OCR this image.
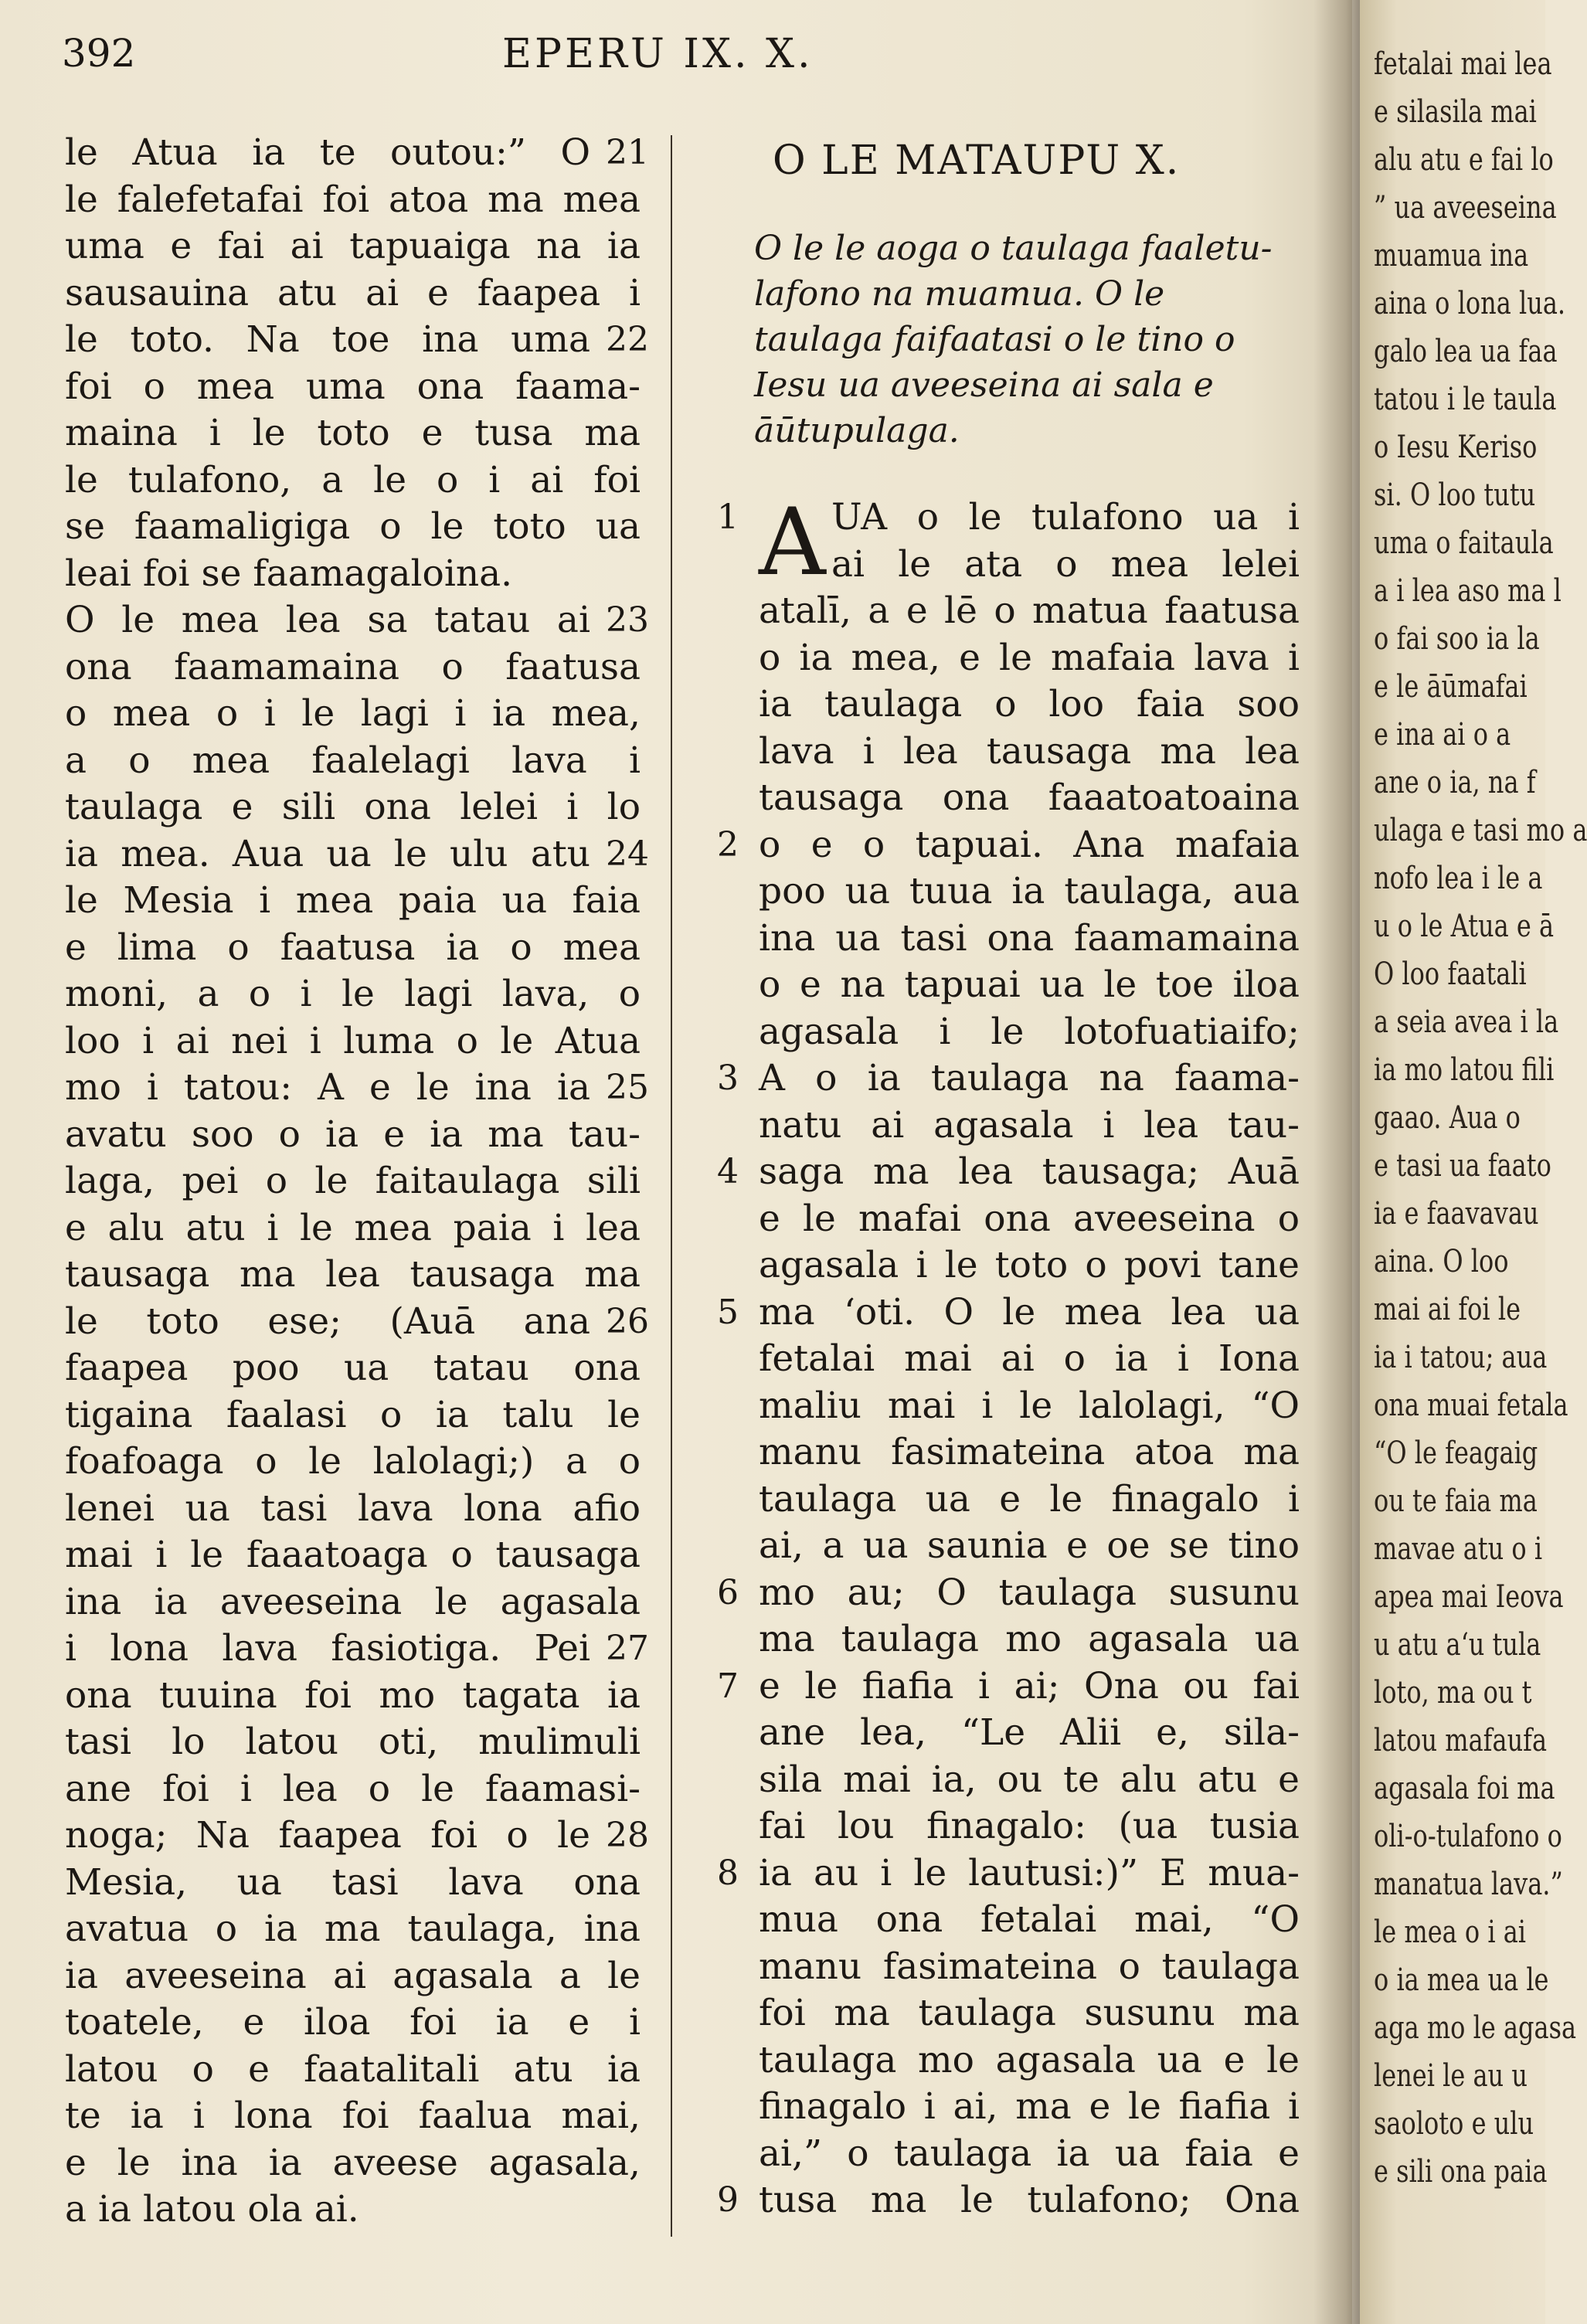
392	EPERU IX. X.
le Atua ia te outou:” O 21
le falefetafai foi atoa ma mea
uma e fai ai tapuaiga na ia
sausauina atu ai e faapea i
le toto. Na toe ina uma 22
foi o mea uma ona faama-
maina i le toto e tusa ma
le tulafono, a le o i ai foi
se faamaligiga o le toto ua
leai foi se faamagaloina.
O le mea lea sa tatau ai 23
ona faamamaina o faatusa
o mea o i le lagi i ia mea,
a o mea faalelagi lava i
taulaga e sili ona lelei i lo
ia mea. Aua ua le ulu atu 24
le Mesia i mea paia ua faia
e lima o faatusa ia o mea
moni, a o i le lagi lava, o
loo i ai nei i luma o le Atua
mo i tatou: A e le ina ia 25
avatu soo o ia e ia ma tau-
laga, pei o le faitaulaga sili
e alu atu i le mea paia i lea
tausaga ma lea tausaga ma
le toto ese; (Auā ana 26
faapea poo ua tatau ona
tigaina faalasi o ia talu le
foafoaga o le lalolagi;) a o
lenei ua tasi lava lona afio
mai i le faaatoaga o tausaga
ina ia aveeseina le agasala
i lona lava fasiotiga. Pei 27
ona tuuina foi mo tagata ia
tasi lo latou oti, mulimuli
ane foi i lea o le faamasi-
noga; Na faapea foi o le 28
Mesia, ua tasi lava ona
avatua o ia ma taulaga, ina
ia aveeseina ai agasala a le
toatele, e iloa foi ia e i
latou o e faatalitali atu ia
te ia i lona foi faalua mai,
e le ina ia aveese agasala,
a ia latou ola ai.
O LE MATAUPU X.
O le le aoga o taulaga faaletu-
lafono na muamua. O le
taulaga faifaatasi o le tino o
Iesu ua aveeseina ai sala e
āūtupulaga.
A
1	UA o le tulafono ua i
ai le ata o mea lelei
atalī, a e lē o matua faatusa
o ia mea, e le mafaia lava i
ia taulaga o loo faia soo
lava i lea tausaga ma lea
tausaga ona faaatoatoaina
2 o e o tapuai. Ana mafaia
poo ua tuua ia taulaga, aua
ina ua tasi ona faamamaina
o e na tapuai ua le toe iloa
agasala i le lotofuatiaifo;
3 A o ia taulaga na faama-
natu ai agasala i lea tau-
4 saga ma lea tausaga; Auā
e le mafai ona aveeseina o
agasala i le toto o povi tane
5 ma ‘oti. O le mea lea ua
fetalai mai ai o ia i Iona
maliu mai i le lalolagi, “O
manu fasimateina atoa ma
taulaga ua e le finagalo i
ai, a ua saunia e oe se tino
6 mo au; O taulaga susunu
ma taulaga mo agasala ua
7 e le fiafia i ai; Ona ou fai
ane lea, “Le Alii e, sila-
sila mai ia, ou te alu atu e
fai lou finagalo: (ua tusia
8 ia au i le lautusi:)” E mua-
mua ona fetalai mai, “O
manu fasimateina o taulaga
foi ma taulaga susunu ma
taulaga mo agasala ua e le
finagalo i ai, ma e le fiafia i
ai,” o taulaga ia ua faia e
9 tusa ma le tulafono; Ona
fetalai mai lea
e silasila mai
alu atu e fai lo
” ua aveeseina
muamua ina
aina o lona lua.
galo lea ua faa
tatou i le taula
o Iesu Keriso
si. O loo tutu
uma o faitaula
a i lea aso ma l
o fai soo ia la
e le āūmafai
e ina ai o a
ane o ia, na f
ulaga e tasi mo a
nofo lea i le a
u o le Atua e ā
O loo faatali
a seia avea i la
ia mo latou fili
gaao. Aua o
e tasi ua faato
ia e faavavau
aina. O loo
mai ai foi le
ia i tatou; aua
ona muai fetala
“O le feagaig
ou te faia ma
mavae atu o i
apea mai Ieova
u atu a‘u tula
loto, ma ou t
latou mafaufa
agasala foi ma
oli-o-tulafono o
manatua lava.”
le mea o i ai
o ia mea ua le
aga mo le agasa
lenei le au u
saoloto e ulu
e sili ona paia
